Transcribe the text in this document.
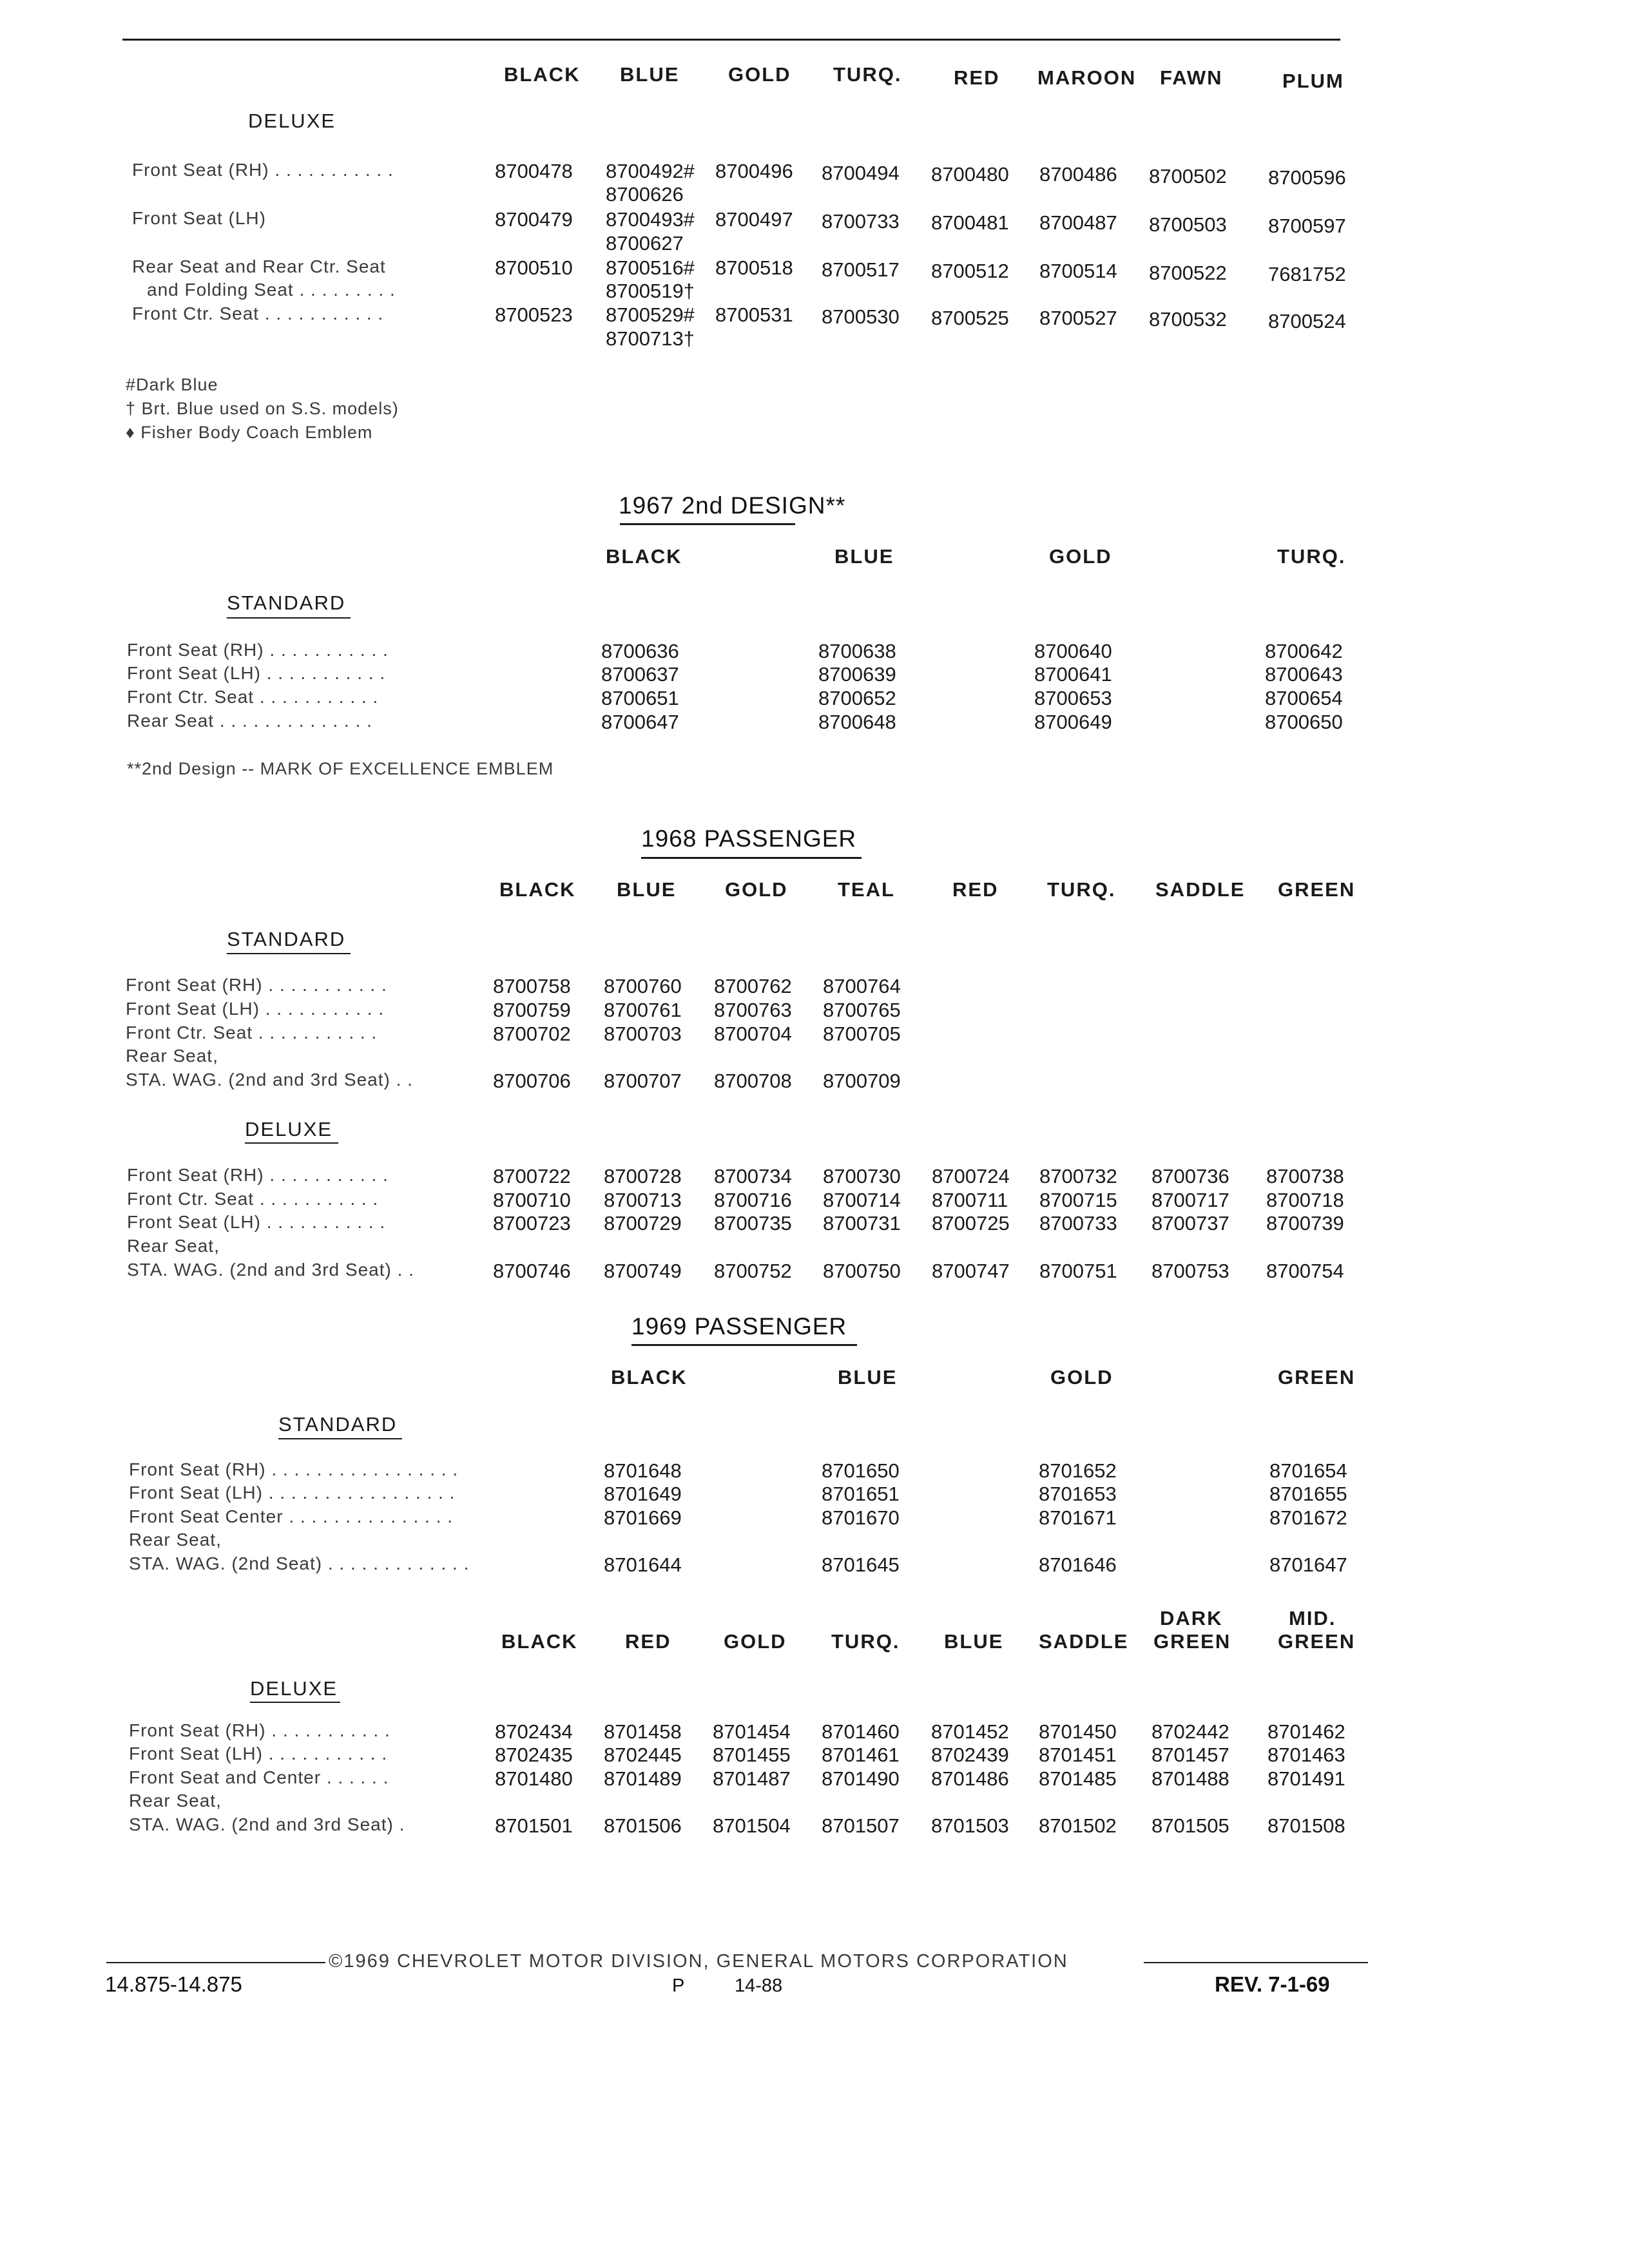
BLACK BLUE GOLD TURQ.	RED MAROON FAWN	PLUM
DELUXE
Front Seat (RH) . . . . . . . . . . .	8700478 8700492# 8700496 8700494 8700480 8700486 8700502 8700596
8700626
Front Seat (LH)	8700479 8700493# 8700497 8700733 8700481 8700487 8700503 8700597
8700627
Rear Seat and Rear Ctr. Seat
and Folding Seat . . . . . . . . .
8700510 8700516# 8700518 8700517 8700512 8700514 8700522 7681752
8700519†
Front Ctr. Seat . . . . . . . . . . .	8700523 8700529# 8700531 8700530 8700525 8700527 8700532 8700524
8700713†
#Dark Blue
† Brt. Blue used on S.S. models)
♦ Fisher Body Coach Emblem
1967 2nd DESIGN**
BLACK	BLUE	GOLD	TURQ.
STANDARD
Front Seat (RH) . . . . . . . . . . .	8700636	8700638	8700640	8700642
Front Seat (LH) . . . . . . . . . . .	8700637	8700639	8700641	8700643
Front Ctr. Seat . . . . . . . . . . .	8700651	8700652	8700653	8700654
Rear Seat . . . . . . . . . . . . . .	8700647	8700648	8700649	8700650
**2nd Design -- MARK OF EXCELLENCE EMBLEM
1968 PASSENGER
BLACK BLUE GOLD TEAL	RED TURQ. SADDLE GREEN
STANDARD
Front Seat (RH) . . . . . . . . . . .	8700758 8700760 8700762 8700764
Front Seat (LH) . . . . . . . . . . .	8700759 8700761 8700763 8700765
Front Ctr. Seat . . . . . . . . . . .	8700702 8700703 8700704 8700705
Rear Seat,
STA. WAG. (2nd and 3rd Seat) . .	8700706 8700707 8700708 8700709
DELUXE
Front Seat (RH) . . . . . . . . . . .	8700722 8700728 8700734 8700730 8700724 8700732 8700736 8700738
Front Ctr. Seat . . . . . . . . . . .	8700710 8700713 8700716 8700714 8700711 8700715 8700717 8700718
Front Seat (LH) . . . . . . . . . . .	8700723 8700729 8700735 8700731 8700725 8700733 8700737 8700739
Rear Seat,
STA. WAG. (2nd and 3rd Seat) . .	8700746 8700749 8700752 8700750 8700747 8700751 8700753 8700754
1969 PASSENGER
BLACK	BLUE	GOLD	GREEN
STANDARD
Front Seat (RH) . . . . . . . . . . . . . . . . .	8701648	8701650	8701652	8701654
Front Seat (LH) . . . . . . . . . . . . . . . . .	8701649	8701651	8701653	8701655
Front Seat Center . . . . . . . . . . . . . . .	8701669	8701670	8701671	8701672
Rear Seat,
STA. WAG. (2nd Seat) . . . . . . . . . . . . .	8701644	8701645	8701646	8701647
BLACK RED	GOLD TURQ. BLUE SADDLE
DARK
GREEN
MID.
GREEN
DELUXE
Front Seat (RH) . . . . . . . . . . .	8702434 8701458 8701454 8701460 8701452 8701450 8702442 8701462
Front Seat (LH) . . . . . . . . . . .	8702435 8702445 8701455 8701461 8702439 8701451 8701457 8701463
Front Seat and Center . . . . . .	8701480 8701489 8701487 8701490 8701486 8701485 8701488 8701491
Rear Seat,
STA. WAG. (2nd and 3rd Seat) .	8701501 8701506 8701504 8701507 8701503 8701502 8701505 8701508
©1969 CHEVROLET MOTOR DIVISION, GENERAL MOTORS CORPORATION
14.875-14.875	P	14-88	REV. 7-1-69
